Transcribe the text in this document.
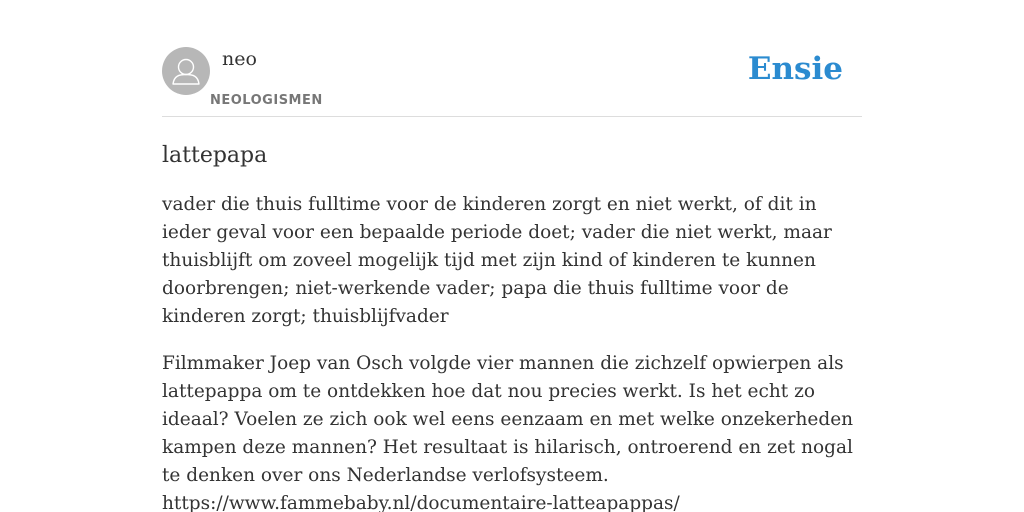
neo
NEOLOGISMEN
Ensie
lattepapa
vader die thuis fulltime voor de kinderen zorgt en niet werkt, of dit in ieder geval voor een bepaalde periode doet; vader die niet werkt, maar thuisblijft om zoveel mogelijk tijd met zijn kind of kinderen te kunnen doorbrengen; niet-werkende vader; papa die thuis fulltime voor de kinderen zorgt; thuisblijfvader
Filmmaker Joep van Osch volgde vier mannen die zichzelf opwierpen als lattepappa om te ontdekken hoe dat nou precies werkt. Is het echt zo ideaal? Voelen ze zich ook wel eens eenzaam en met welke onzekerheden kampen deze mannen? Het resultaat is hilarisch, ontroerend en zet nogal te denken over ons Nederlandse verlofsysteem.
https://www.fammebaby.nl/documentaire-latteapappas/
